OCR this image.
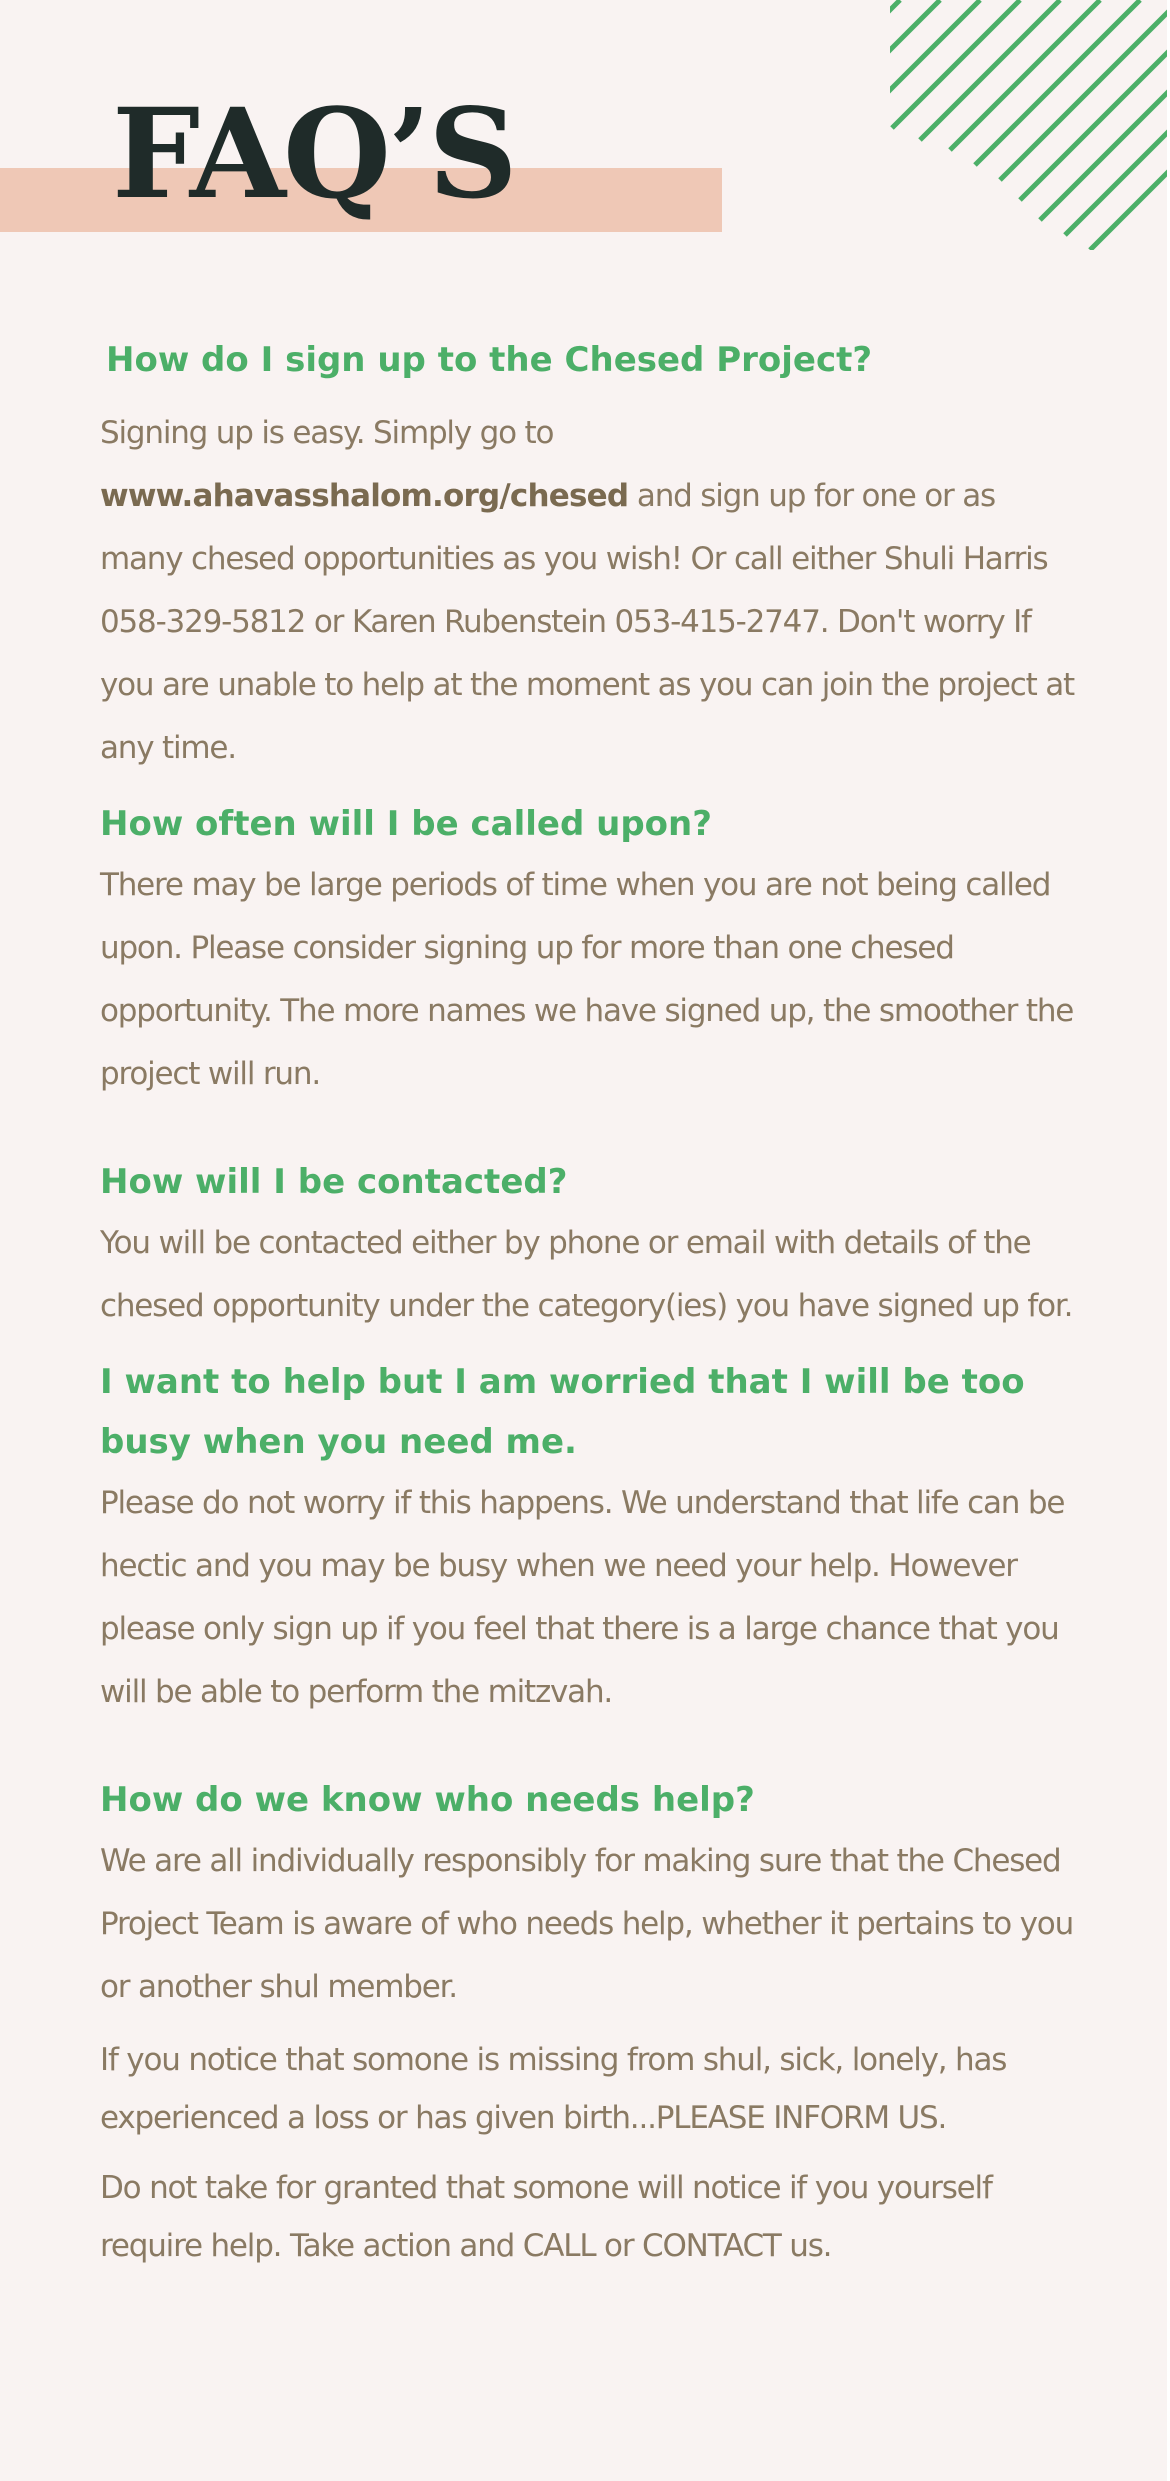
FAQ’S
How do I sign up to the Chesed Project?

Signing up is easy. Simply go to www.ahavasshalom.org/chesed and sign up for one or as many chesed opportunities as you wish! Or call either Shuli Harris 058-329-5812 or Karen Rubenstein 053-415-2747. Don't worry If you are unable to help at the moment as you can join the project at any time.

How often will I be called upon?

There may be large periods of time when you are not being called upon. Please consider signing up for more than one chesed opportunity. The more names we have signed up, the smoother the project will run.

How will I be contacted?

You will be contacted either by phone or email with details of the chesed opportunity under the category(ies) you have signed up for.

I want to help but I am worried that I will be too busy when you need me.

Please do not worry if this happens. We understand that life can be hectic and you may be busy when we need your help. However please only sign up if you feel that there is a large chance that you will be able to perform the mitzvah.

How do we know who needs help?

We are all individually responsibly for making sure that the Chesed Project Team is aware of who needs help, whether it pertains to you or another shul member.

If you notice that somone is missing from shul, sick, lonely, has experienced a loss or has given birth...PLEASE INFORM US.

Do not take for granted that somone will notice if you yourself require help. Take action and CALL or CONTACT us.
